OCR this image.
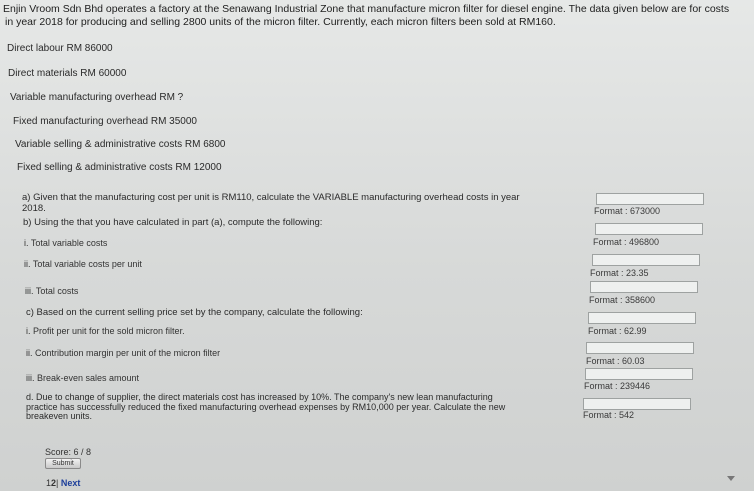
Enjin Vroom Sdn Bhd operates a factory at the Senawang Industrial Zone that manufacture micron filter for diesel engine. The data given below are for costs
in year 2018 for producing and selling 2800 units of the micron filter. Currently, each micron filters been sold at RM160.
Direct labour RM 86000
Direct materials RM 60000
Variable manufacturing overhead RM ?
Fixed manufacturing overhead RM 35000
Variable selling & administrative costs RM 6800
Fixed selling & administrative costs RM 12000
a) Given that the manufacturing cost per unit is RM110, calculate the VARIABLE manufacturing overhead costs in year
2018.	Format : 673000
b) Using the that you have calculated in part (a), compute the following:
i. Total variable costs	Format : 496800
ii. Total variable costs per unit
Format : 23.35
iii. Total costs
Format : 358600
c) Based on the current selling price set by the company, calculate the following:
i. Profit per unit for the sold micron filter.	Format : 62.99
ii. Contribution margin per unit of the micron filter
Format : 60.03
iii. Break-even sales amount
Format : 239446
d. Due to change of supplier, the direct materials cost has increased by 10%. The company's new lean manufacturing
practice has successfully reduced the fixed manufacturing overhead expenses by RM10,000 per year. Calculate the new
breakeven units.	Format : 542
Score: 6 / 8
Submit
12| Next
